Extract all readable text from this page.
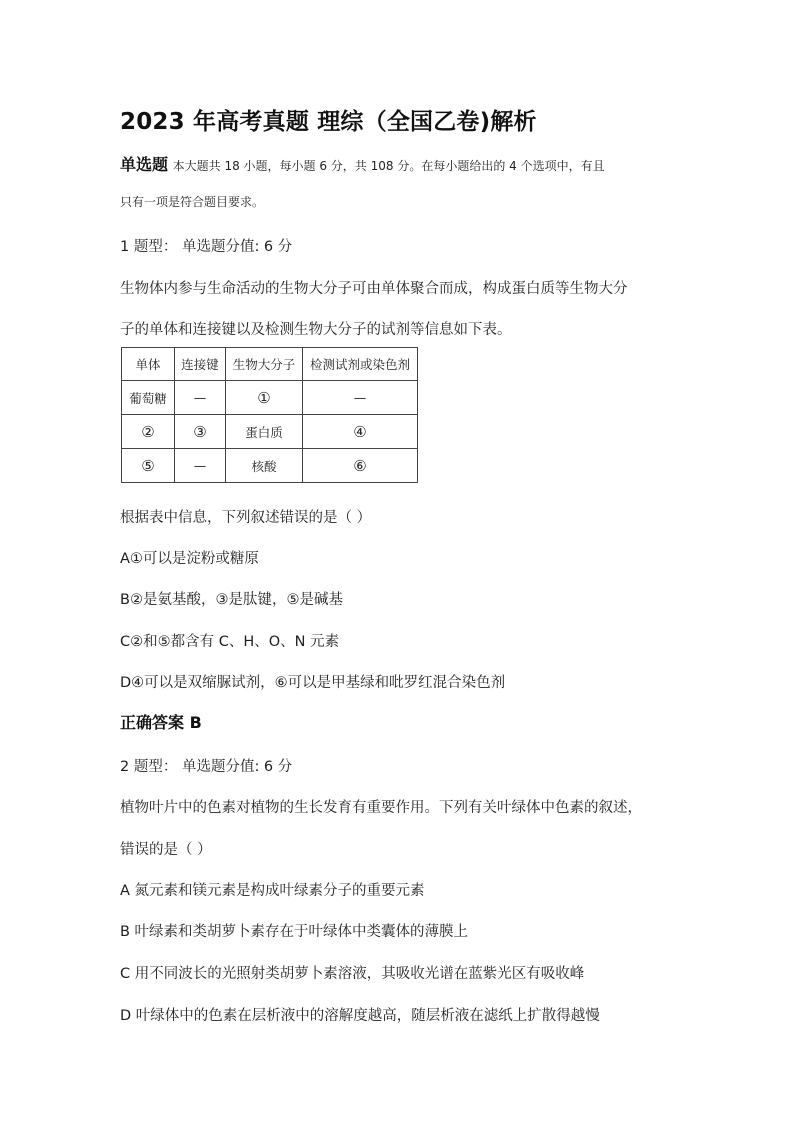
2023 年高考真题 理综（全国乙卷)解析
单选题 本大题共 18 小题，每小题 6 分，共 108 分。在每小题给出的 4 个选项中，有且
只有一项是符合题目要求。
1 题型： 单选题分值: 6 分
生物体内参与生命活动的生物大分子可由单体聚合而成，构成蛋白质等生物大分
子的单体和连接键以及检测生物大分子的试剂等信息如下表。
单体	连接键	生物大分子	检测试剂或染色剂
葡萄糖	—	①	—
②	③	蛋白质	④
⑤	—	核酸	⑥
根据表中信息，下列叙述错误的是（ ）
A①可以是淀粉或糖原
B②是氨基酸，③是肽键，⑤是碱基
C②和⑤都含有 C、H、O、N 元素
D④可以是双缩脲试剂，⑥可以是甲基绿和吡罗红混合染色剂
正确答案 B
2 题型： 单选题分值: 6 分
植物叶片中的色素对植物的生长发育有重要作用。下列有关叶绿体中色素的叙述，
错误的是（ ）
A 氮元素和镁元素是构成叶绿素分子的重要元素
B 叶绿素和类胡萝卜素存在于叶绿体中类囊体的薄膜上
C 用不同波长的光照射类胡萝卜素溶液，其吸收光谱在蓝紫光区有吸收峰
D 叶绿体中的色素在层析液中的溶解度越高，随层析液在滤纸上扩散得越慢
